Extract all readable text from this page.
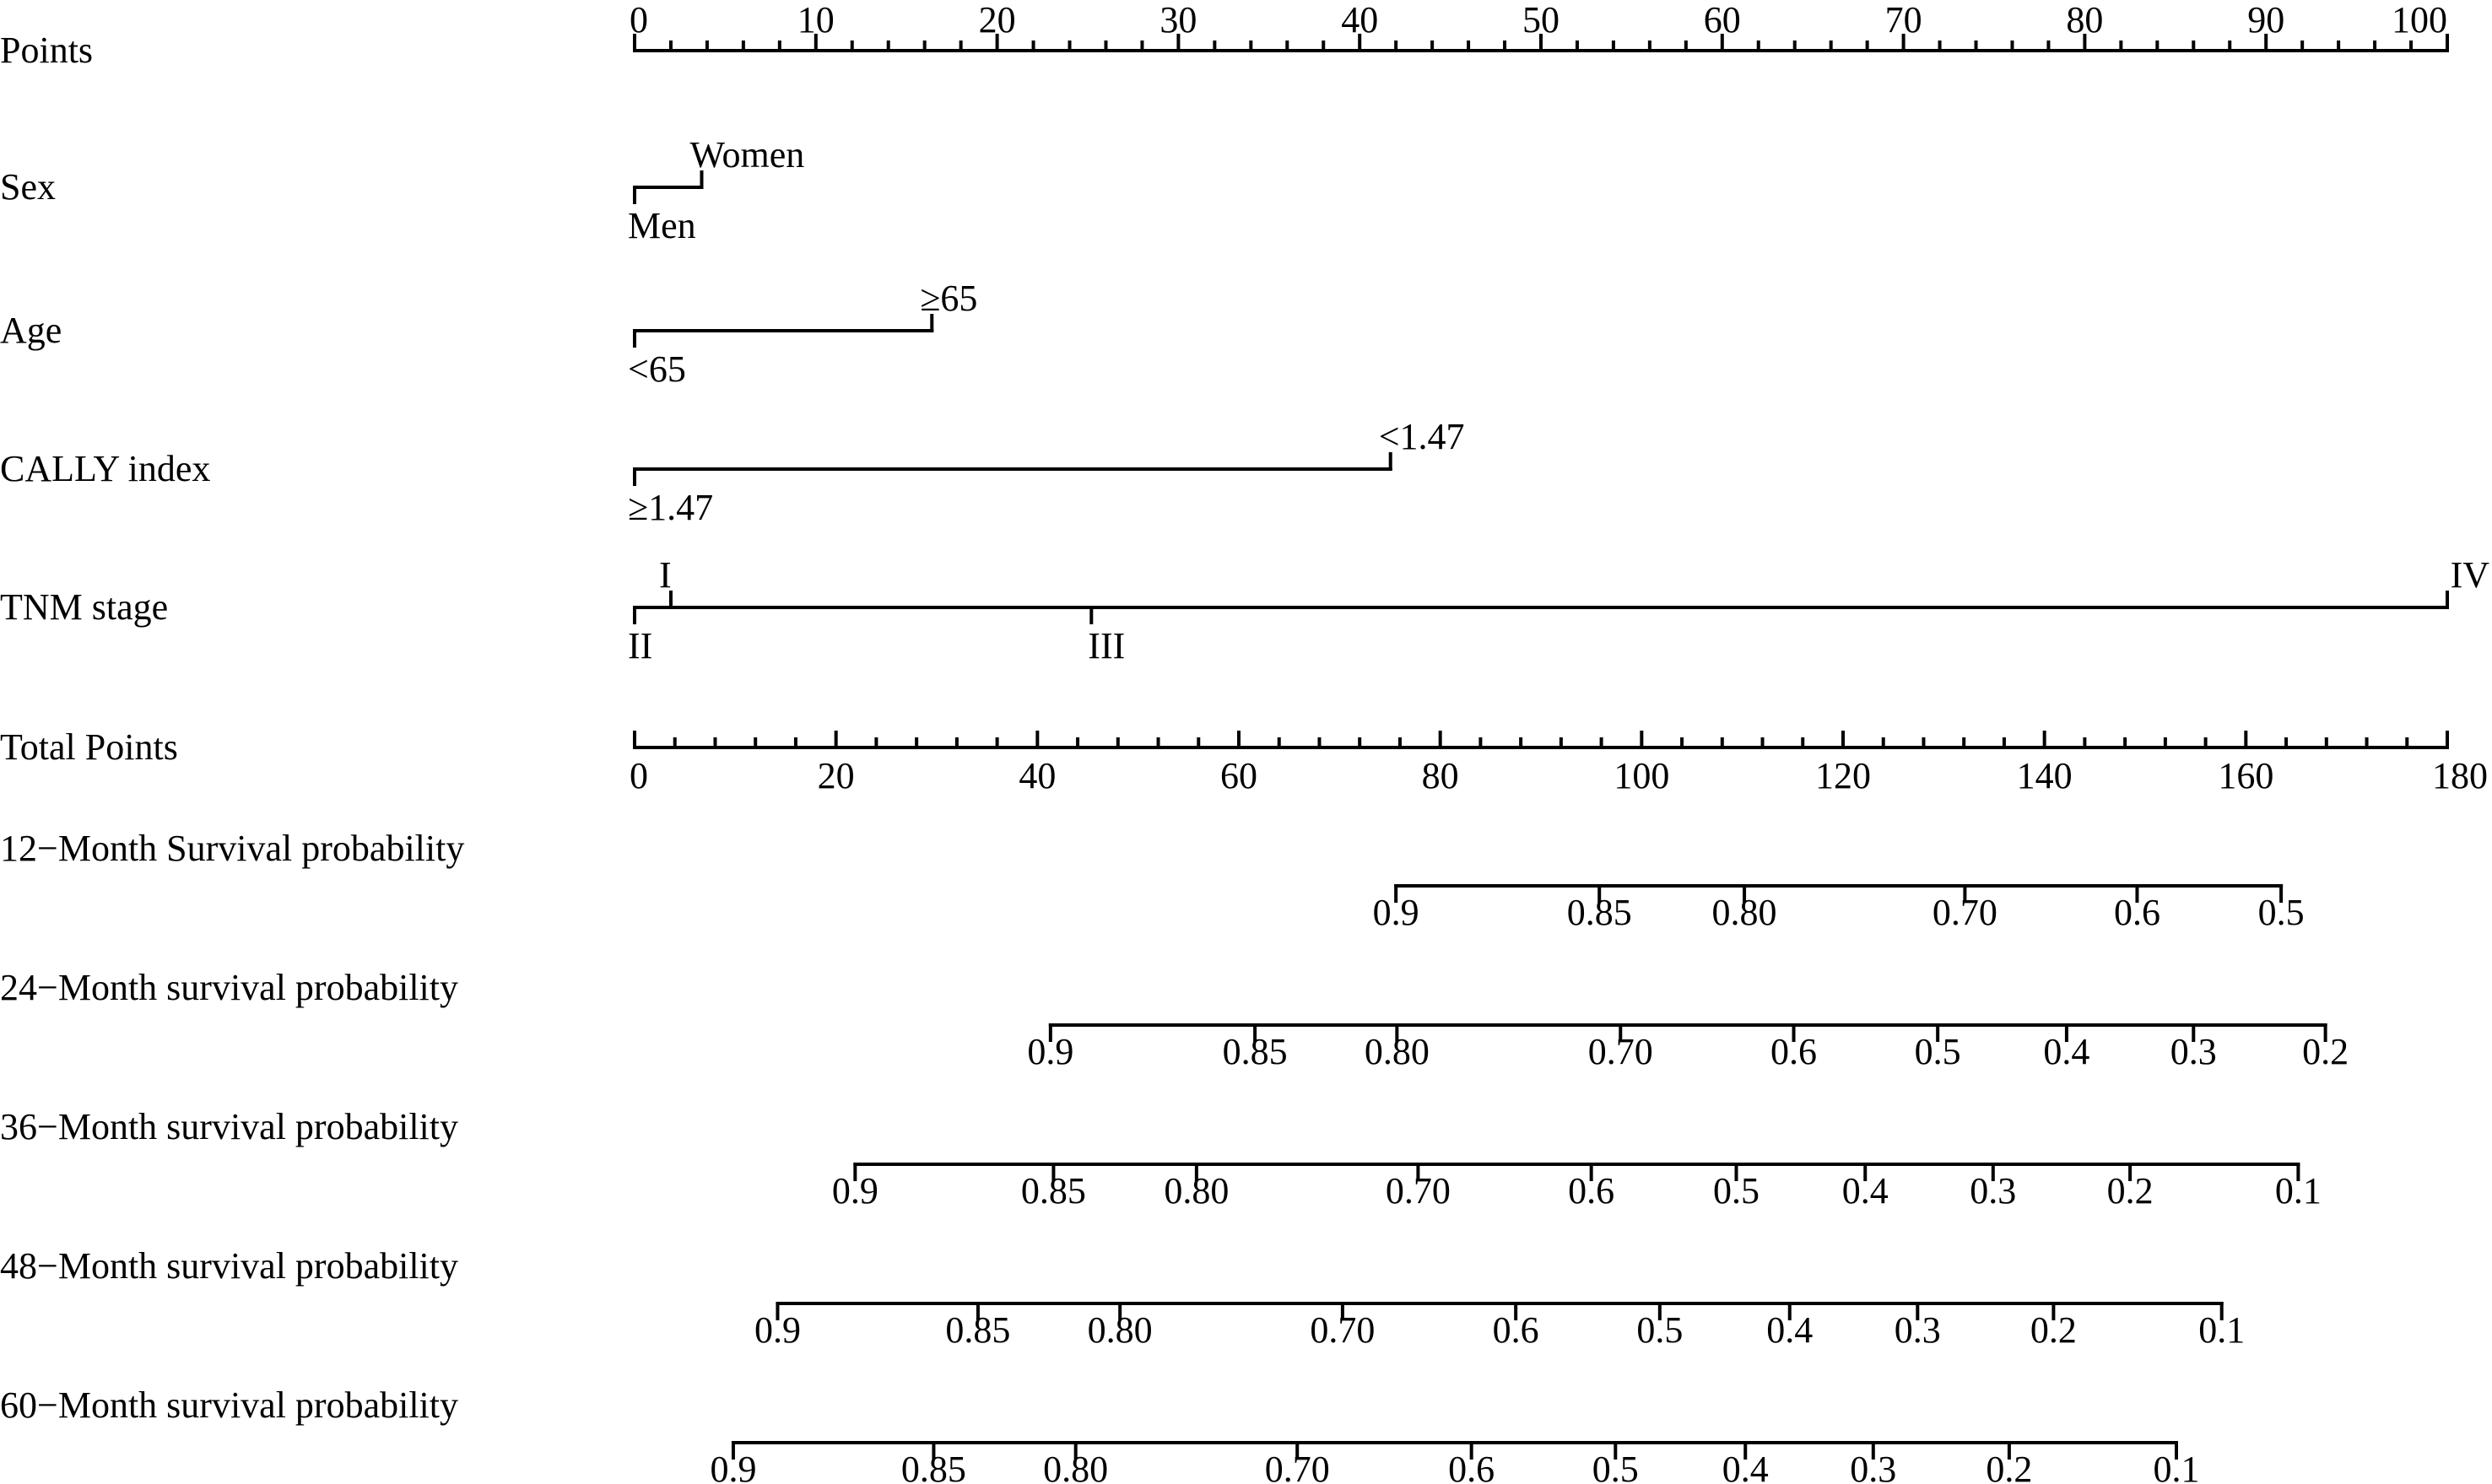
Points
0	10	20	30	40	50	60	70	80	90	100
Sex
Men
Women
Age
<65
≥65
CALLY index
≥1.47
<1.47
TNM stage
II
I
III
IV
Total Points
0	20	40	60	80	100	120	140	160	180
12−Month Survival probability
0.9	0.85 0.80	0.70	0.6	0.5
24−Month survival probability
0.9	0.85 0.80	0.70	0.6	0.5 0.4 0.3 0.2
36−Month survival probability
0.9	0.85 0.80	0.70	0.6	0.5 0.4 0.3 0.2	0.1
48−Month survival probability
0.9	0.85 0.80	0.70	0.6	0.5 0.4 0.3 0.2	0.1
60−Month survival probability
0.9	0.85 0.80	0.70	0.6	0.5 0.4 0.3 0.2	0.1
